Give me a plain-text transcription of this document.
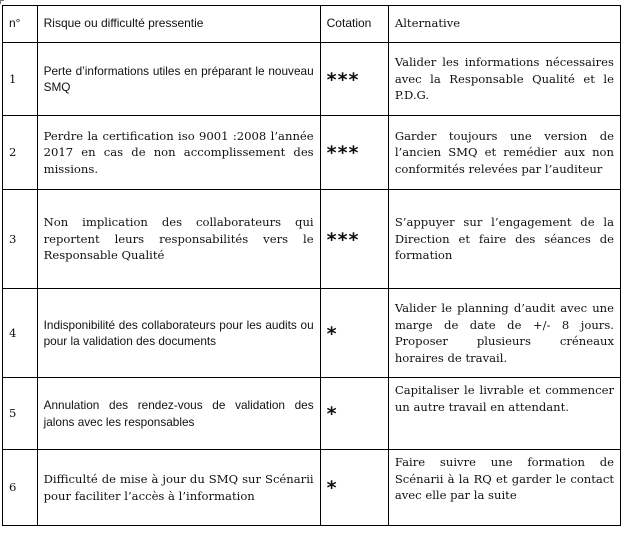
n°	Risque ou difficulté pressentie	Cotation	Alternative
1	Perte d’informations utiles en préparant le nouveau SMQ	***	Valider les informations nécessaires avec la Responsable Qualité et le P.D.G.
2	Perdre la certification iso 9001 :2008 l’année 2017 en cas de non accomplissement des missions.	***	Garder toujours une version de l’ancien SMQ et remédier aux non conformités relevées par l’auditeur
3	Non implication des collaborateurs qui reportent leurs responsabilités vers le Responsable Qualité	***	S’appuyer sur l’engagement de la Direction et faire des séances de formation
4	Indisponibilité des collaborateurs pour les audits ou pour la validation des documents	*	Valider le planning d’audit avec une marge de date de +/- 8 jours. Proposer plusieurs créneaux horaires de travail.
5	Annulation des rendez-vous de validation des jalons avec les responsables	*	Capitaliser le livrable et commencer un autre travail en attendant.
6	Difficulté de mise à jour du SMQ sur Scénarii pour faciliter l’accès à l’information	*	Faire suivre une formation de Scénarii à la RQ et garder le contact avec elle par la suite
